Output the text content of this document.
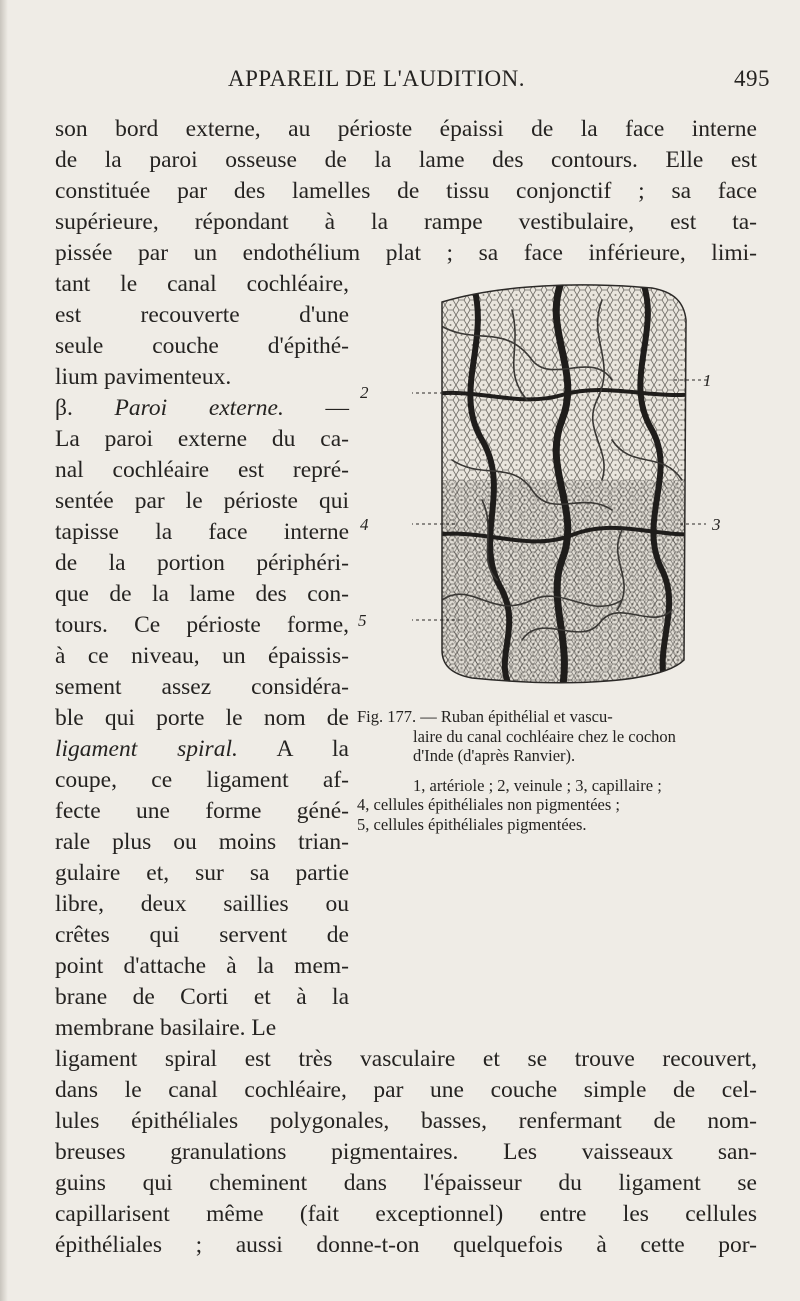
APPAREIL DE L'AUDITION.	495
son bord externe, au périoste épaissi de la face interne
de la paroi osseuse de la lame des contours. Elle est
constituée par des lamelles de tissu conjonctif ; sa face
supérieure, répondant à la rampe vestibulaire, est ta-
pissée par un endothélium plat ; sa face inférieure, limi-
tant le canal cochléaire,
est recouverte d'une
seule couche d'épithé-
lium pavimenteux.
β. Paroi externe. —
La paroi externe du ca-
nal cochléaire est repré-
sentée par le périoste qui
tapisse la face interne
de la portion périphéri-
que de la lame des con-
tours. Ce périoste forme,
à ce niveau, un épaissis-
sement assez considéra-
ble qui porte le nom de
ligament spiral. A la
coupe, ce ligament af-
fecte une forme géné-
rale plus ou moins trian-
gulaire et, sur sa partie
libre, deux saillies ou
crêtes qui servent de
point d'attache à la mem-
brane de Corti et à la
membrane basilaire. Le
ligament spiral est très vasculaire et se trouve recouvert,
dans le canal cochléaire, par une couche simple de cel-
lules épithéliales polygonales, basses, renfermant de nom-
breuses granulations pigmentaires. Les vaisseaux san-
guins qui cheminent dans l'épaisseur du ligament se
capillarisent même (fait exceptionnel) entre les cellules
épithéliales ; aussi donne-t-on quelquefois à cette por-
1
2
3
4
5
Fig. 177. — Ruban épithélial et vascu-
laire du canal cochléaire chez le cochon
d'Inde (d'après Ranvier).
1, artériole ; 2, veinule ; 3, capillaire ;
4, cellules épithéliales non pigmentées ;
5, cellules épithéliales pigmentées.
